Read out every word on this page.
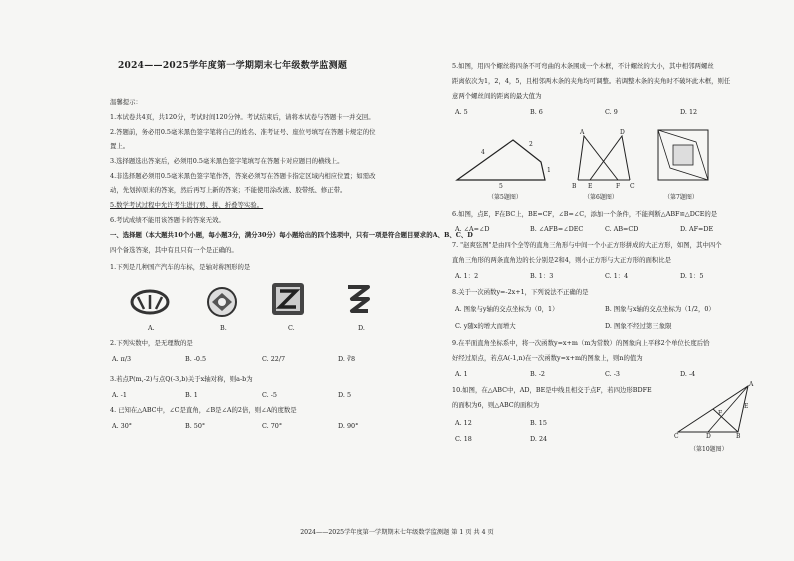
2024——2025学年度第一学期期末七年级数学监测题
温馨提示：
1.本试卷共4页，共120分，考试时间120分钟。考试结束后，请将本试卷与答题卡一并交回。
2.答题前，务必用0.5毫米黑色签字笔将自己的姓名、准考证号、座位号填写在答题卡规定的位
置上。
3.选择题选出答案后，必须用0.5毫米黑色签字笔填写在答题卡对应题目的横线上。
4.非选择题必须用0.5毫米黑色签字笔作答，答案必须写在答题卡指定区域内相应位置；如需改
动，先划掉原来的答案，然后再写上新的答案；不能使用涂改液、胶带纸、修正带。
5.数学考试过程中允许考生进行剪、拼、折叠等实验。
6.考试成绩不能用该答题卡的答案无效。
一、选择题（本大题共10个小题，每小题3分，满分30分）每小题给出的四个选项中，只有一项是符合题目要求的A、B、C、D
四个备选答案，其中有且只有一个是正确的。
1.下列是几种国产汽车的车标，是轴对称图形的是
A.	B.	C.	D.
2.下列实数中，是无理数的是
A. π/3	B. -0.5	C. 22/7	D. ∛8
3.若点P(m,-2)与点Q(-3,b)关于x轴对称，则a-b为
A. -1	B. 1	C. -5	D. 5
4. 已知在△ABC中，∠C是直角，∠B是∠A的2倍，则∠A的度数是
A. 30°	B. 50°	C. 70°	D. 90°
5.如图，用四个螺丝将四条不可弯曲的木条围成一个木框，不计螺丝的大小，其中相邻两螺丝
距离依次为1，2，4，5，且相邻两木条的夹角均可调整。若调整木条的夹角时不破坏此木框，则任
意两个螺丝间的距离的最大值为
A. 5	B. 6	C. 9	D. 12
4
2
1
5
（第5题图）
A	D
B E	F C
（第6题图）	（第7题图）
6.如图，点E，F在BC上，BE=CF，∠B=∠C，添加一个条件，不能判断△ABF≌△DCE的是
A. ∠A=∠D	B. ∠AFB=∠DEC	C. AB=CD	D. AF=DE
7. "赵爽弦图"是由四个全等的直角三角形与中间一个小正方形拼成的大正方形，如图，其中四个
直角三角形的两条直角边的长分别是2和4，则小正方形与大正方形的面积比是
A. 1：2	B. 1：3	C. 1：4	D. 1：5
8.关于一次函数y=-2x+1，下列说法不正确的是
A. 图象与y轴的交点坐标为（0，1）	B. 图象与x轴的交点坐标为（1/2，0）
C. y随x的增大而增大	D. 图象不经过第三象限
9.在平面直角坐标系中，将一次函数y=x+m（m为常数）的图象向上平移2个单位长度后恰
好经过原点，若点A(-1,n)在一次函数y=x+m的图象上，则n的值为
A. 1	B. -2	C. -3	D. -4
10.如图，在△ABC中，AD，BE是中线且相交于点F，若四边形BDFE
的面积为6，则△ABC的面积为
A. 12	B. 15
C. 18	D. 24
A
E
F
C	D	B
（第10题图）
2024——2025学年度第一学期期末七年级数学监测题 第 1 页 共 4 页
